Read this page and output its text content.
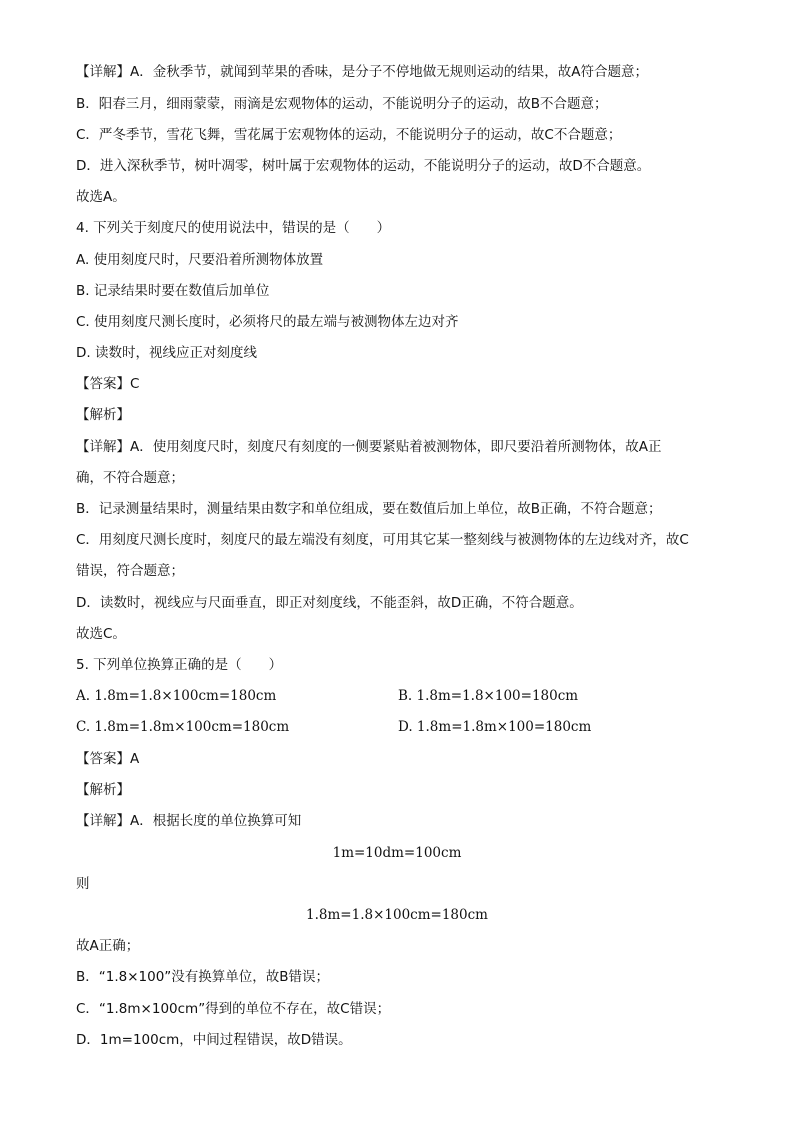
【详解】A．金秋季节，就闻到苹果的香味，是分子不停地做无规则运动的结果，故A符合题意；
B．阳春三月，细雨蒙蒙，雨滴是宏观物体的运动，不能说明分子的运动，故B不合题意；
C．严冬季节，雪花飞舞，雪花属于宏观物体的运动，不能说明分子的运动，故C不合题意；
D．进入深秋季节，树叶凋零，树叶属于宏观物体的运动，不能说明分子的运动，故D不合题意。
故选A。
4. 下列关于刻度尺的使用说法中，错误的是（　　）
A. 使用刻度尺时，尺要沿着所测物体放置
B. 记录结果时要在数值后加单位
C. 使用刻度尺测长度时，必须将尺的最左端与被测物体左边对齐
D. 读数时，视线应正对刻度线
【答案】C
【解析】
【详解】A．使用刻度尺时，刻度尺有刻度的一侧要紧贴着被测物体，即尺要沿着所测物体，故A正
确，不符合题意；
B．记录测量结果时，测量结果由数字和单位组成，要在数值后加上单位，故B正确，不符合题意；
C．用刻度尺测长度时，刻度尺的最左端没有刻度，可用其它某一整刻线与被测物体的左边线对齐，故C
错误，符合题意；
D．读数时，视线应与尺面垂直，即正对刻度线，不能歪斜，故D正确，不符合题意。
故选C。
5. 下列单位换算正确的是（　　）
A. 1.8m=1.8×100cm=180cm	B. 1.8m=1.8×100=180cm
C. 1.8m=1.8m×100cm=180cm	D. 1.8m=1.8m×100=180cm
【答案】A
【解析】
【详解】A．根据长度的单位换算可知
1m=10dm=100cm
则
1.8m=1.8×100cm=180cm
故A正确；
B．“1.8×100”没有换算单位，故B错误；
C．“1.8m×100cm”得到的单位不存在，故C错误；
D．1m=100cm，中间过程错误，故D错误。
